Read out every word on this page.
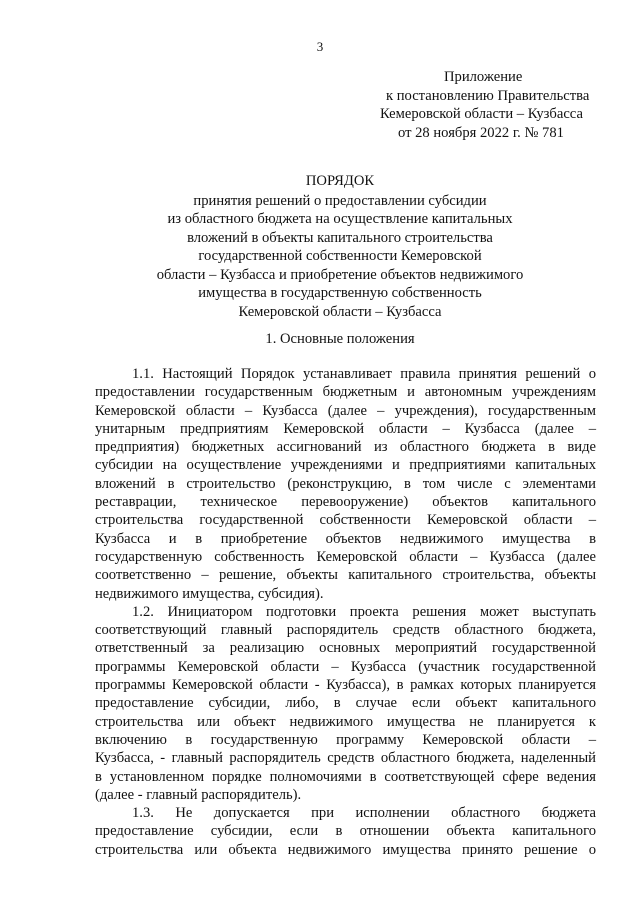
3
Приложение
к постановлению Правительства
Кемеровской области – Кузбасса
от 28 ноября 2022 г. № 781
ПОРЯДОК
принятия решений о предоставлении субсидии
из областного бюджета на осуществление капитальных
вложений в объекты капитального строительства
государственной собственности Кемеровской
области – Кузбасса и приобретение объектов недвижимого
имущества в государственную собственность
Кемеровской области – Кузбасса
1. Основные положения
1.1. Настоящий Порядок устанавливает правила принятия решений о
предоставлении государственным бюджетным и автономным учреждениям
Кемеровской области – Кузбасса (далее – учреждения), государственным
унитарным предприятиям Кемеровской области – Кузбасса (далее –
предприятия) бюджетных ассигнований из областного бюджета в виде
субсидии на осуществление учреждениями и предприятиями капитальных
вложений в строительство (реконструкцию, в том числе с элементами
реставрации, техническое перевооружение) объектов капитального
строительства государственной собственности Кемеровской области –
Кузбасса и в приобретение объектов недвижимого имущества в
государственную собственность Кемеровской области – Кузбасса (далее
соответственно – решение, объекты капитального строительства, объекты
недвижимого имущества, субсидия).
1.2. Инициатором подготовки проекта решения может выступать
соответствующий главный распорядитель средств областного бюджета,
ответственный за реализацию основных мероприятий государственной
программы Кемеровской области – Кузбасса (участник государственной
программы Кемеровской области - Кузбасса), в рамках которых планируется
предоставление субсидии, либо, в случае если объект капитального
строительства или объект недвижимого имущества не планируется к
включению в государственную программу Кемеровской области –
Кузбасса, - главный распорядитель средств областного бюджета, наделенный
в установленном порядке полномочиями в соответствующей сфере ведения
(далее - главный распорядитель).
1.3. Не допускается при исполнении областного бюджета
предоставление субсидии, если в отношении объекта капитального
строительства или объекта недвижимого имущества принято решение о
